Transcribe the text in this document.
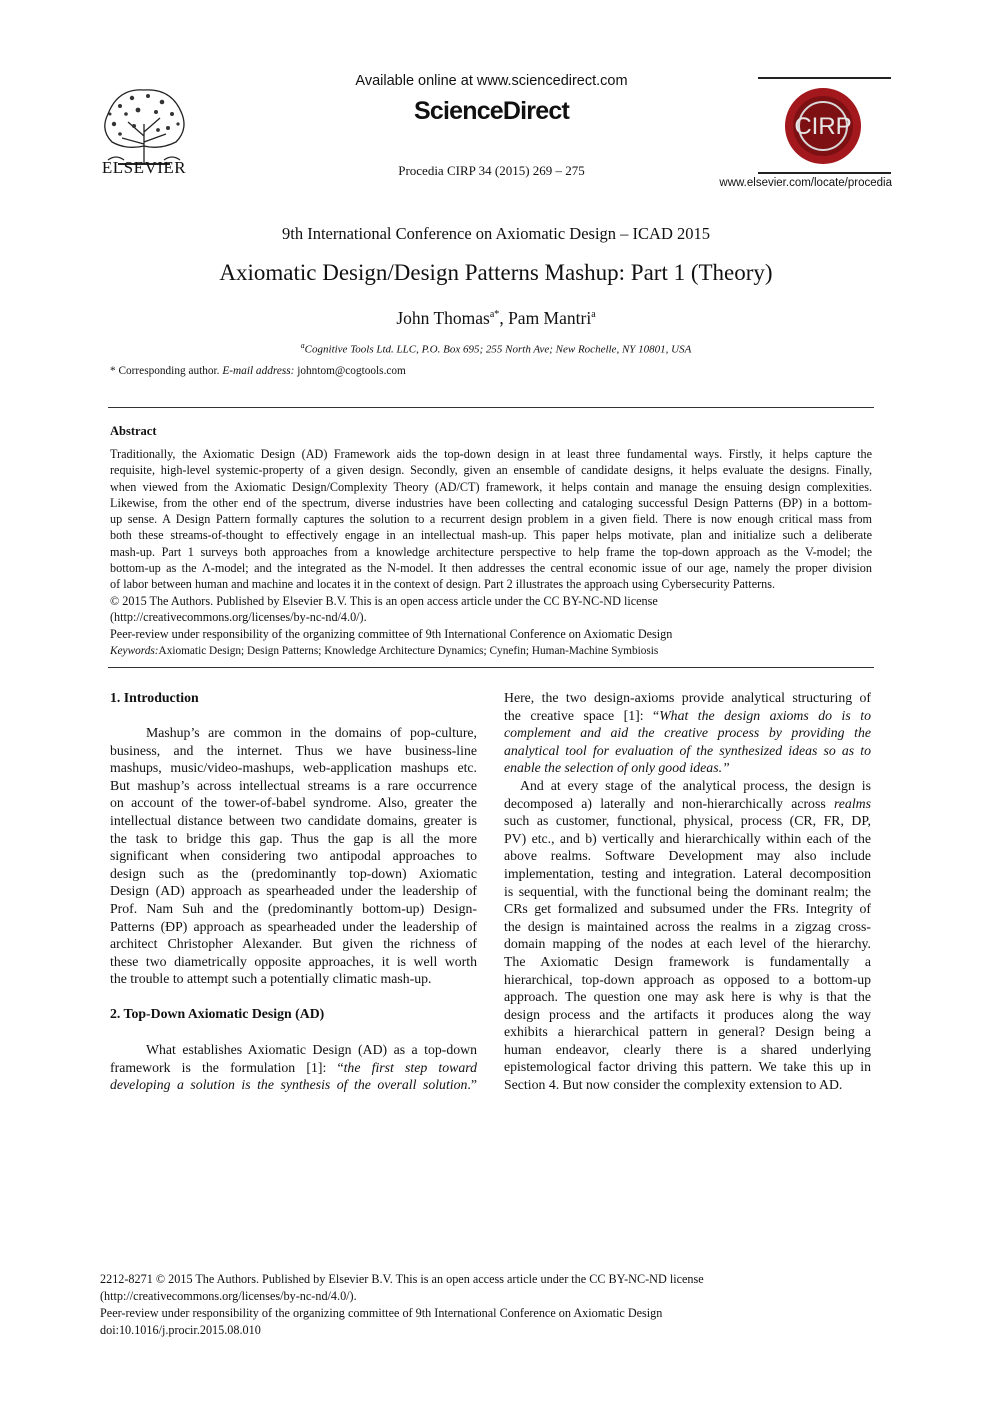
ELSEVIER
Available online at www.sciencedirect.com
ScienceDirect
Procedia CIRP 34 (2015) 269 – 275
CIRP
www.elsevier.com/locate/procedia
9th International Conference on Axiomatic Design – ICAD 2015
Axiomatic Design/Design Patterns Mashup: Part 1 (Theory)
John Thomas$^{a*}$, Pam Mantri$^a$
$^a$Cognitive Tools Ltd. LLC, P.O. Box 695; 255 North Ave; New Rochelle, NY 10801, USA
* Corresponding author. E-mail address: johntom@cogtools.com
Abstract
Traditionally, the Axiomatic Design (AD) Framework aids the top-down design in at least three fundamental ways. Firstly, it helps capture the
requisite, high-level systemic-property of a given design. Secondly, given an ensemble of candidate designs, it helps evaluate the designs. Finally,
when viewed from the Axiomatic Design/Complexity Theory (AD/CT) framework, it helps contain and manage the ensuing design complexities.
Likewise, from the other end of the spectrum, diverse industries have been collecting and cataloging successful Design Patterns (ÐP) in a bottom-
up sense. A Design Pattern formally captures the solution to a recurrent design problem in a given field. There is now enough critical mass from
both these streams-of-thought to effectively engage in an intellectual mash-up. This paper helps motivate, plan and initialize such a deliberate
mash-up. Part 1 surveys both approaches from a knowledge architecture perspective to help frame the top-down approach as the V-model; the
bottom-up as the Λ-model; and the integrated as the N-model. It then addresses the central economic issue of our age, namely the proper division
of labor between human and machine and locates it in the context of design. Part 2 illustrates the approach using Cybersecurity Patterns.
© 2015 The Authors. Published by Elsevier B.V. This is an open access article under the CC BY-NC-ND license
(http://creativecommons.org/licenses/by-nc-nd/4.0/).
Peer-review under responsibility of the organizing committee of 9th International Conference on Axiomatic Design
Keywords:Axiomatic Design; Design Patterns; Knowledge Architecture Dynamics; Cynefin; Human-Machine Symbiosis
1. Introduction
Mashup’s are common in the domains of pop-culture,
business, and the internet. Thus we have business-line
mashups, music/video-mashups, web-application mashups etc.
But mashup’s across intellectual streams is a rare occurrence
on account of the tower-of-babel syndrome. Also, greater the
intellectual distance between two candidate domains, greater is
the task to bridge this gap. Thus the gap is all the more
significant when considering two antipodal approaches to
design such as the (predominantly top-down) Axiomatic
Design (AD) approach as spearheaded under the leadership of
Prof. Nam Suh and the (predominantly bottom-up) Design-
Patterns (ÐP) approach as spearheaded under the leadership of
architect Christopher Alexander. But given the richness of
these two diametrically opposite approaches, it is well worth
the trouble to attempt such a potentially climatic mash-up.
2. Top-Down Axiomatic Design (AD)
What establishes Axiomatic Design (AD) as a top-down
framework is the formulation [1]: “the first step toward
developing a solution is the synthesis of the overall solution.”
Here, the two design-axioms provide analytical structuring of
the creative space [1]: “What the design axioms do is to
complement and aid the creative process by providing the
analytical tool for evaluation of the synthesized ideas so as to
enable the selection of only good ideas.”
And at every stage of the analytical process, the design is
decomposed a) laterally and non-hierarchically across realms
such as customer, functional, physical, process (CR, FR, DP,
PV) etc., and b) vertically and hierarchically within each of the
above realms. Software Development may also include
implementation, testing and integration. Lateral decomposition
is sequential, with the functional being the dominant realm; the
CRs get formalized and subsumed under the FRs. Integrity of
the design is maintained across the realms in a zigzag cross-
domain mapping of the nodes at each level of the hierarchy.
The Axiomatic Design framework is fundamentally a
hierarchical, top-down approach as opposed to a bottom-up
approach. The question one may ask here is why is that the
design process and the artifacts it produces along the way
exhibits a hierarchical pattern in general? Design being a
human endeavor, clearly there is a shared underlying
epistemological factor driving this pattern. We take this up in
Section 4. But now consider the complexity extension to AD.
2212-8271 © 2015 The Authors. Published by Elsevier B.V. This is an open access article under the CC BY-NC-ND license
(http://creativecommons.org/licenses/by-nc-nd/4.0/).
Peer-review under responsibility of the organizing committee of 9th International Conference on Axiomatic Design
doi:10.1016/j.procir.2015.08.010
